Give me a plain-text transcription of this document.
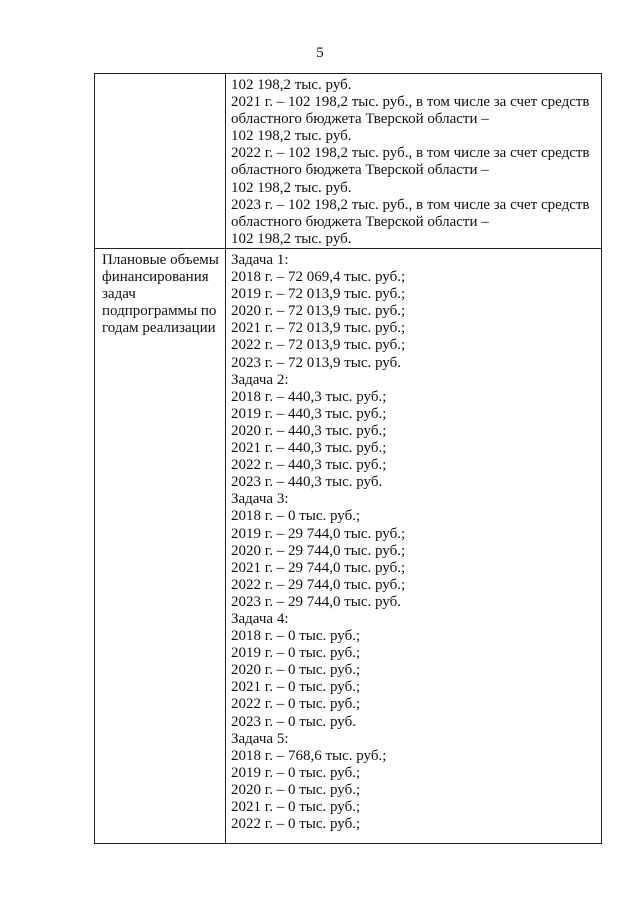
5
102 198,2 тыс. руб.
2021 г. – 102 198,2 тыс. руб., в том числе за счет средств
областного бюджета Тверской области –
102 198,2 тыс. руб.
2022 г. – 102 198,2 тыс. руб., в том числе за счет средств
областного бюджета Тверской области –
102 198,2 тыс. руб.
2023 г. – 102 198,2 тыс. руб., в том числе за счет средств
областного бюджета Тверской области –
102 198,2 тыс. руб.
Плановые объемы
финансирования
задач
подпрограммы по
годам реализации
Задача 1:
2018 г. – 72 069,4 тыс. руб.;
2019 г. – 72 013,9 тыс. руб.;
2020 г. – 72 013,9 тыс. руб.;
2021 г. – 72 013,9 тыс. руб.;
2022 г. – 72 013,9 тыс. руб.;
2023 г. – 72 013,9 тыс. руб.
Задача 2:
2018 г. – 440,3 тыс. руб.;
2019 г. – 440,3 тыс. руб.;
2020 г. – 440,3 тыс. руб.;
2021 г. – 440,3 тыс. руб.;
2022 г. – 440,3 тыс. руб.;
2023 г. – 440,3 тыс. руб.
Задача 3:
2018 г. – 0 тыс. руб.;
2019 г. – 29 744,0 тыс. руб.;
2020 г. – 29 744,0 тыс. руб.;
2021 г. – 29 744,0 тыс. руб.;
2022 г. – 29 744,0 тыс. руб.;
2023 г. – 29 744,0 тыс. руб.
Задача 4:
2018 г. – 0 тыс. руб.;
2019 г. – 0 тыс. руб.;
2020 г. – 0 тыс. руб.;
2021 г. – 0 тыс. руб.;
2022 г. – 0 тыс. руб.;
2023 г. – 0 тыс. руб.
Задача 5:
2018 г. – 768,6 тыс. руб.;
2019 г. – 0 тыс. руб.;
2020 г. – 0 тыс. руб.;
2021 г. – 0 тыс. руб.;
2022 г. – 0 тыс. руб.;
